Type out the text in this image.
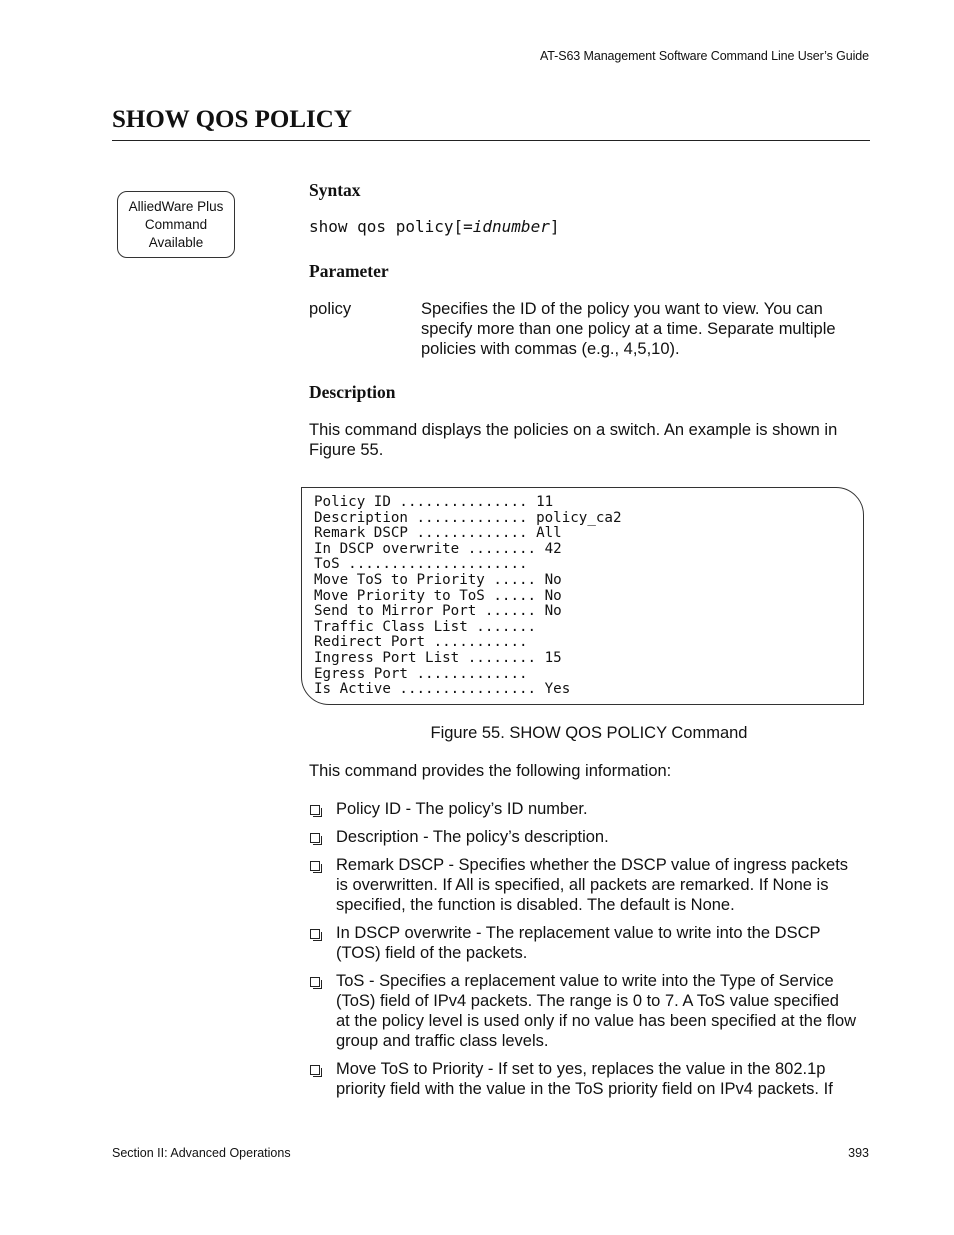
AT-S63 Management Software Command Line User’s Guide
SHOW QOS POLICY
AlliedWare Plus
Command
Available
Syntax
show qos policy[=idnumber]
Parameter
policy	Specifies the ID of the policy you want to view. You can
specify more than one policy at a time. Separate multiple
policies with commas (e.g., 4,5,10).
Description
This command displays the policies on a switch. An example is shown in
Figure 55.
Policy ID ............... 11
Description ............. policy_ca2
Remark DSCP ............. All
In DSCP overwrite ........ 42
ToS .....................
Move ToS to Priority ..... No
Move Priority to ToS ..... No
Send to Mirror Port ...... No
Traffic Class List .......
Redirect Port ...........
Ingress Port List ........ 15
Egress Port .............
Is Active ................ Yes
Figure 55. SHOW QOS POLICY Command
This command provides the following information:
Policy ID - The policy’s ID number.
Description - The policy’s description.
Remark DSCP - Specifies whether the DSCP value of ingress packets
is overwritten. If All is specified, all packets are remarked. If None is
specified, the function is disabled. The default is None.
In DSCP overwrite - The replacement value to write into the DSCP
(TOS) field of the packets.
ToS - Specifies a replacement value to write into the Type of Service
(ToS) field of IPv4 packets. The range is 0 to 7. A ToS value specified
at the policy level is used only if no value has been specified at the flow
group and traffic class levels.
Move ToS to Priority - If set to yes, replaces the value in the 802.1p
priority field with the value in the ToS priority field on IPv4 packets. If
Section II: Advanced Operations	393
